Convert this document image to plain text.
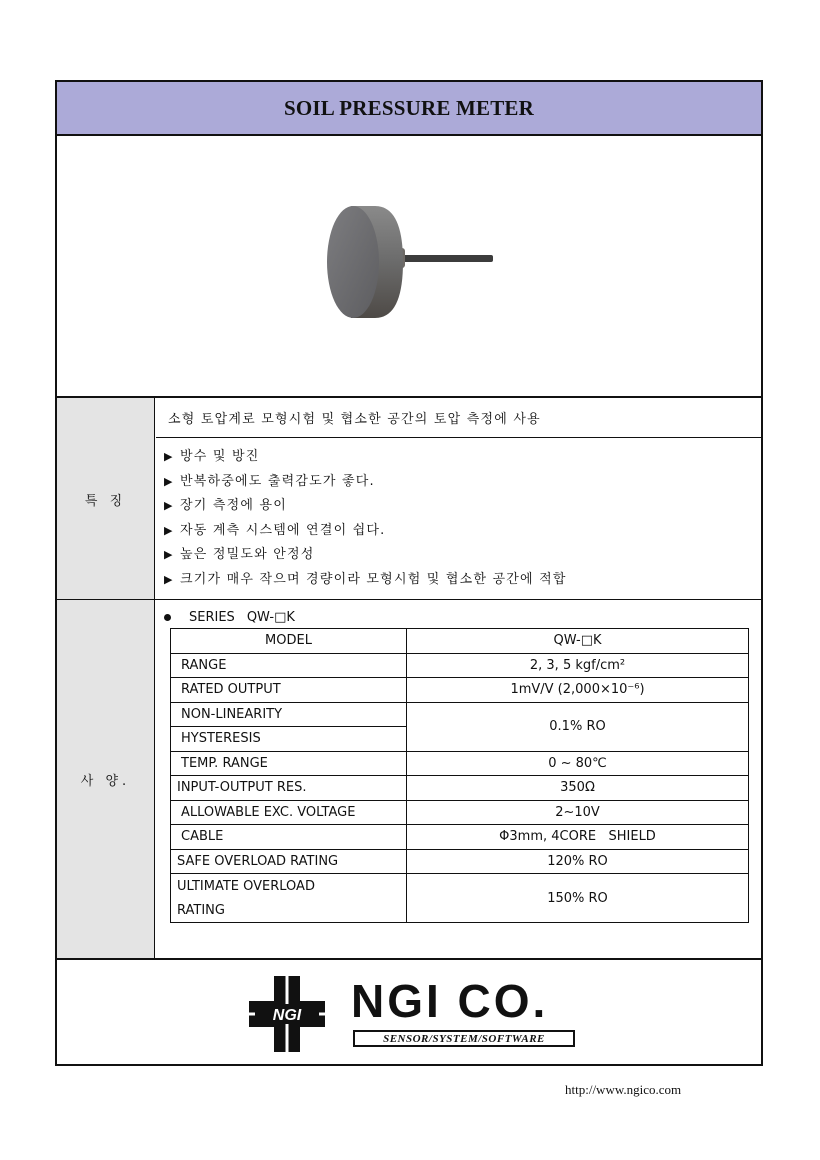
SOIL PRESSURE METER
특 징
소형 토압계로 모형시험 및 협소한 공간의 토압 측정에 사용
▶ 방수 및 방진
▶ 반복하중에도 출력감도가 좋다.
▶ 장기 측정에 용이
▶ 자동 계측 시스템에 연결이 쉽다.
▶ 높은 정밀도와 안정성
▶ 크기가 매우 작으며 경량이라 모형시험 및 협소한 공간에 적합
사 양.
SERIES QW-□K
MODEL	QW-□K
RANGE	2, 3, 5 kgf/cm²
RATED OUTPUT	1mV/V (2,000×10⁻⁶)
NON-LINEARITY	0.1% RO
HYSTERESIS	
TEMP. RANGE	0 ~ 80℃
INPUT-OUTPUT RES.	350Ω
ALLOWABLE EXC. VOLTAGE	2~10V
CABLE	Φ3mm, 4CORE   SHIELD
SAFE OVERLOAD RATING	120% RO
ULTIMATE OVERLOAD	150% RO
RATING	
NGI NGI CO.
SENSOR/SYSTEM/SOFTWARE
http://www.ngico.com
